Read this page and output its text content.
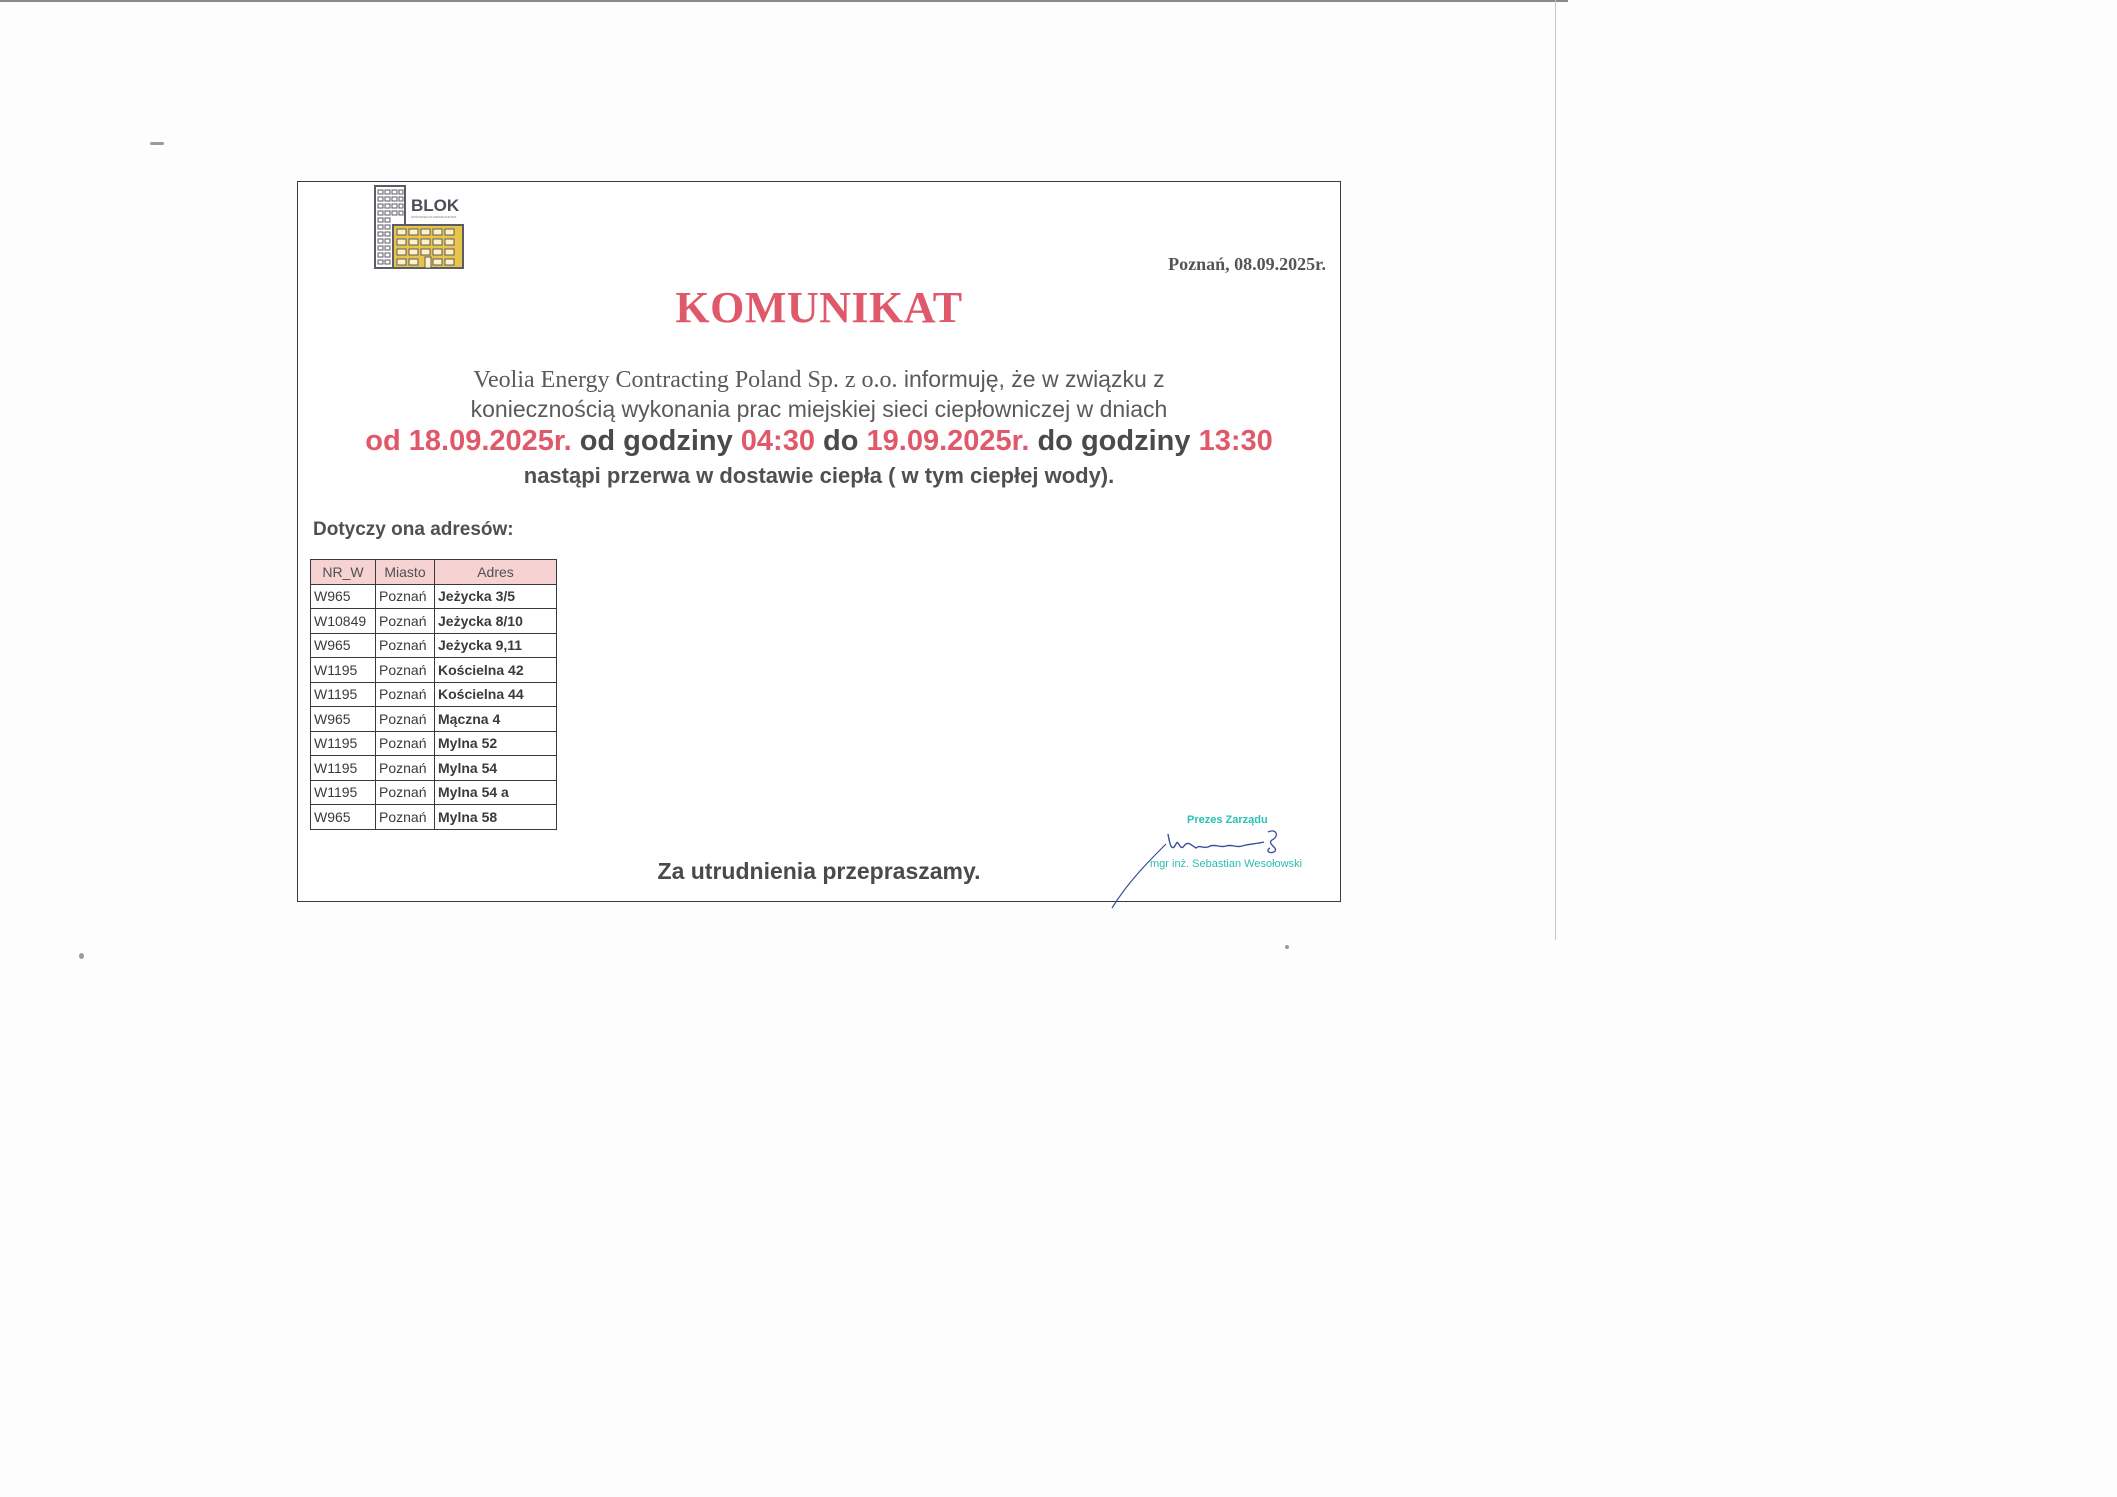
BLOK
SPÓŁDZIELNIA MIESZKANIOWA
Poznań, 08.09.2025r.
KOMUNIKAT
Veolia Energy Contracting Poland Sp. z o.o. informuję, że w związku z
koniecznością wykonania prac miejskiej sieci ciepłowniczej w dniach
od 18.09.2025r. od godziny 04:30 do 19.09.2025r. do godziny 13:30
nastąpi przerwa w dostawie ciepła ( w tym ciepłej wody).
Dotyczy ona adresów:
NR_W	Miasto	Adres
W965	Poznań	Jeżycka 3/5
W10849	Poznań	Jeżycka 8/10
W965	Poznań	Jeżycka 9,11
W1195	Poznań	Kościelna 42
W1195	Poznań	Kościelna 44
W965	Poznań	Mączna 4
W1195	Poznań	Mylna 52
W1195	Poznań	Mylna 54
W1195	Poznań	Mylna 54 a
W965	Poznań	Mylna 58
Za utrudnienia przepraszamy.
Prezes Zarządu
mgr inż. Sebastian Wesołowski
